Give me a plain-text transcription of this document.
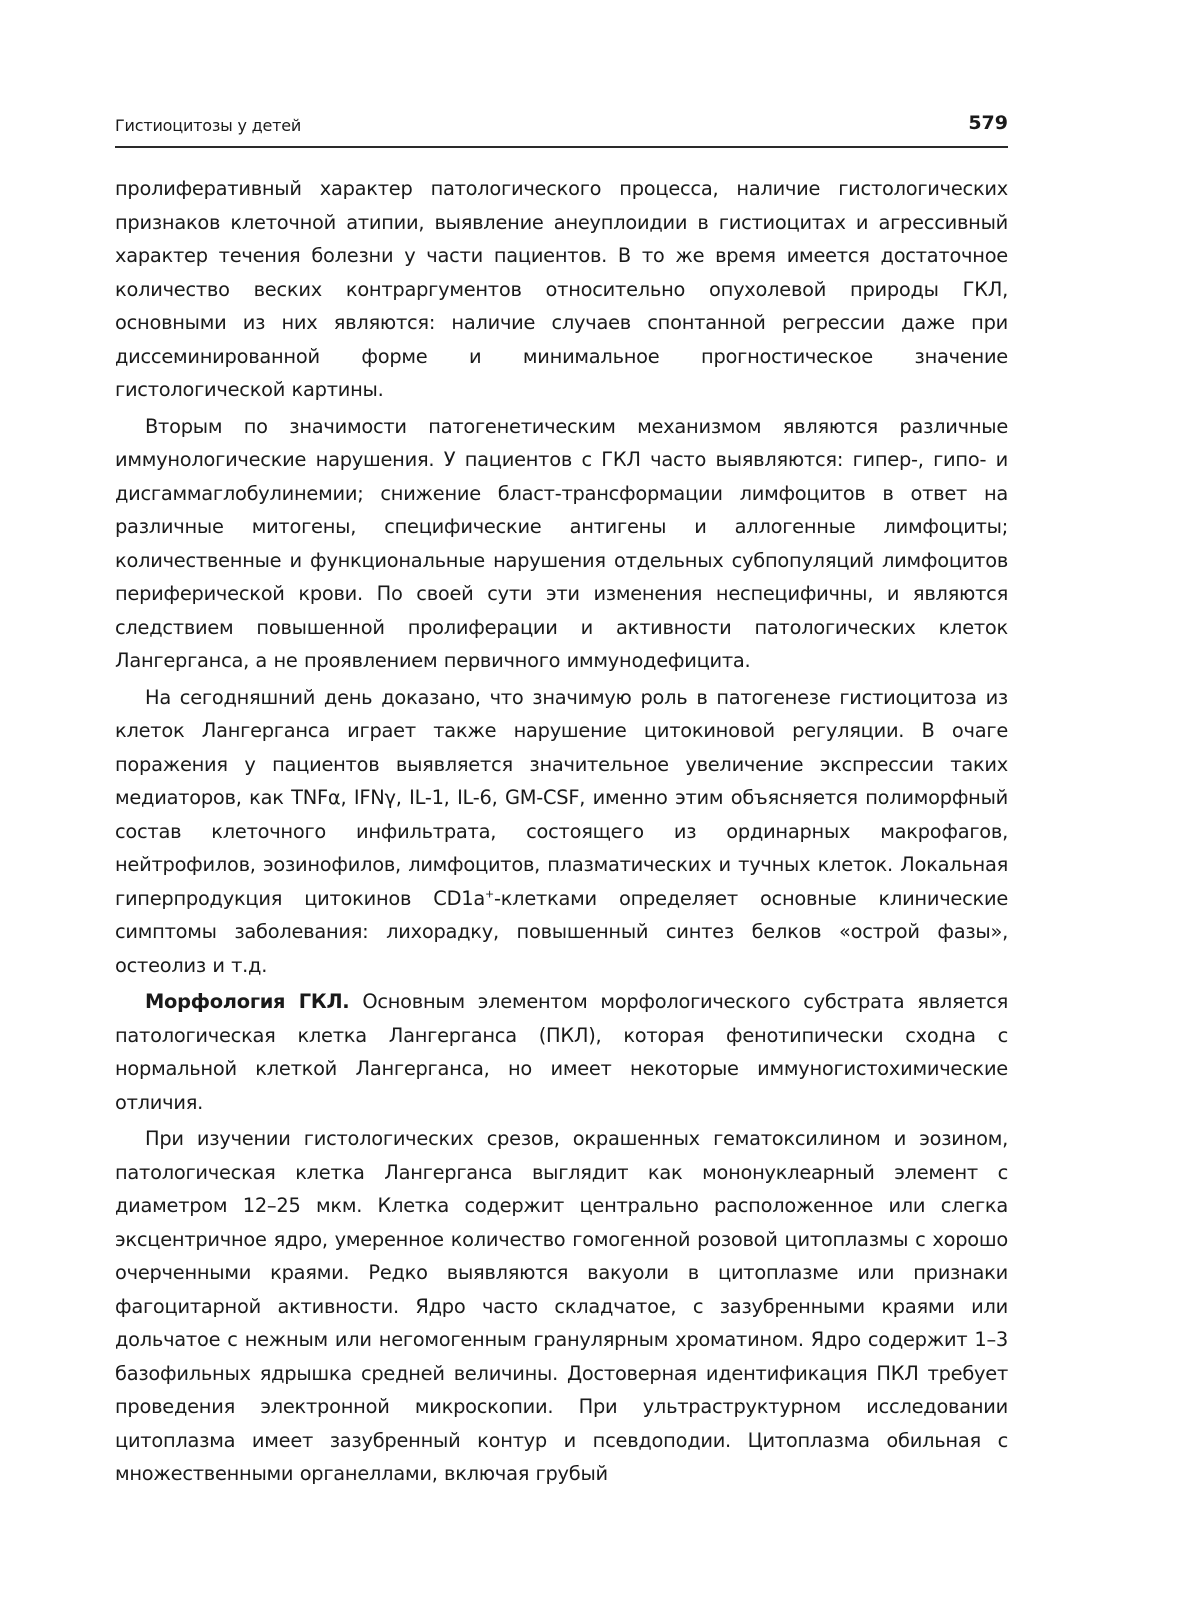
Гистиоцитозы у детей	579

пролиферативный характер патологического процесса, наличие гистологических признаков клеточной атипии, выявление анеуплоидии в гистиоцитах и агрессивный характер течения болезни у части пациентов. В то же время имеется достаточное количество веских контраргументов относительно опухолевой природы ГКЛ, основными из них являются: наличие случаев спонтанной регрессии даже при диссеминированной форме и минимальное прогностическое значение гистологической картины.

Вторым по значимости патогенетическим механизмом являются различные иммунологические нарушения. У пациентов с ГКЛ часто выявляются: гипер-, гипо- и дисгаммаглобулинемии; снижение бласт-трансформации лимфоцитов в ответ на различные митогены, специфические антигены и аллогенные лимфоциты; количественные и функциональные нарушения отдельных субпопуляций лимфоцитов периферической крови. По своей сути эти изменения неспецифичны, и являются следствием повышенной пролиферации и активности патологических клеток Лангерганса, а не проявлением первичного иммунодефицита.

На сегодняшний день доказано, что значимую роль в патогенезе гистиоцитоза из клеток Лангерганса играет также нарушение цитокиновой регуляции. В очаге поражения у пациентов выявляется значительное увеличение экспрессии таких медиаторов, как TNFα, IFNγ, IL-1, IL-6, GM-CSF, именно этим объясняется полиморфный состав клеточного инфильтрата, состоящего из ординарных макрофагов, нейтрофилов, эозинофилов, лимфоцитов, плазматических и тучных клеток. Локальная гиперпродукция цитокинов CD1a+-клетками определяет основные клинические симптомы заболевания: лихорадку, повышенный синтез белков «острой фазы», остеолиз и т.д.

Морфология ГКЛ. Основным элементом морфологического субстрата является патологическая клетка Лангерганса (ПКЛ), которая фенотипически сходна с нормальной клеткой Лангерганса, но имеет некоторые иммуногистохимические отличия.

При изучении гистологических срезов, окрашенных гематоксилином и эозином, патологическая клетка Лангерганса выглядит как мононуклеарный элемент с диаметром 12–25 мкм. Клетка содержит центрально расположенное или слегка эксцентричное ядро, умеренное количество гомогенной розовой цитоплазмы с хорошо очерченными краями. Редко выявляются вакуоли в цитоплазме или признаки фагоцитарной активности. Ядро часто складчатое, с зазубренными краями или дольчатое с нежным или негомогенным гранулярным хроматином. Ядро содержит 1–3 базофильных ядрышка средней величины. Достоверная идентификация ПКЛ требует проведения электронной микроскопии. При ультраструктурном исследовании цитоплазма имеет зазубренный контур и псевдоподии. Цитоплазма обильная с множественными органеллами, включая грубый
